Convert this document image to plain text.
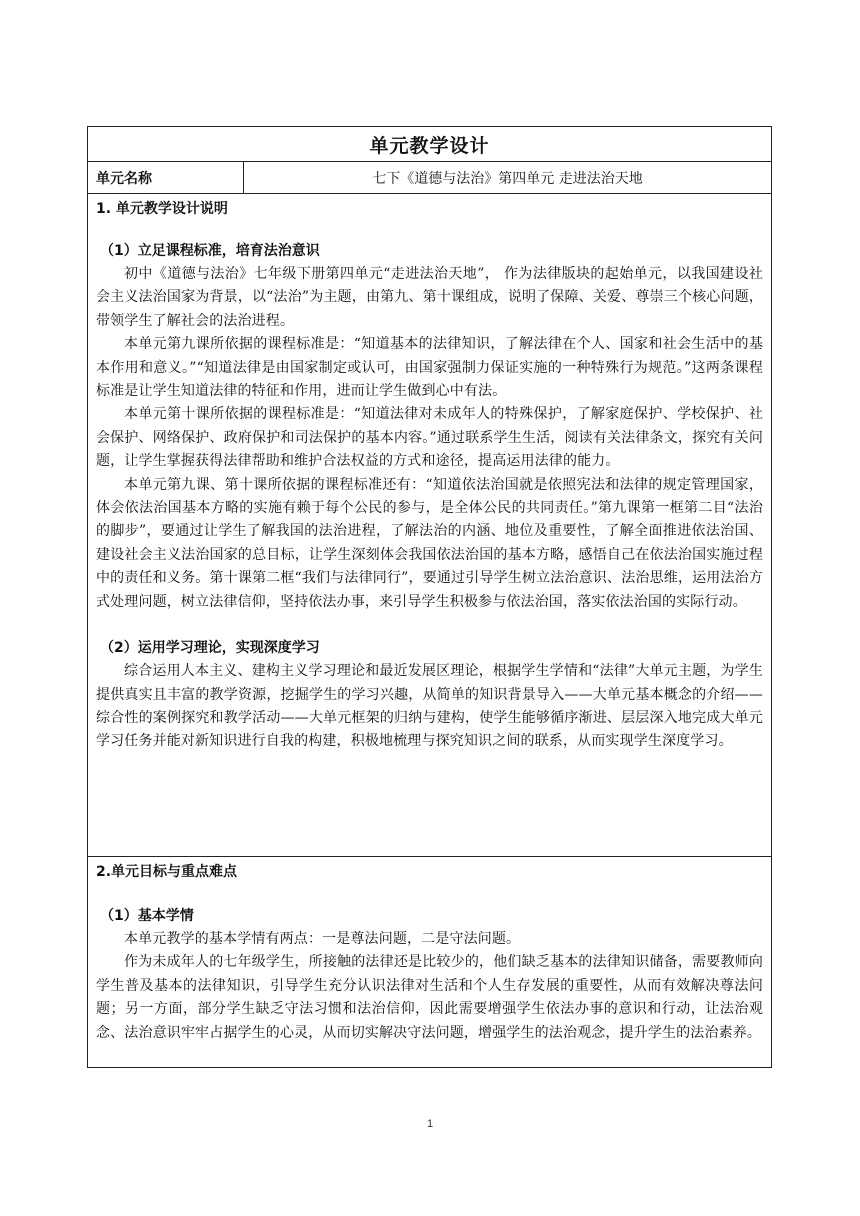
单元教学设计
单元名称	七下《道德与法治》第四单元 走进法治天地

1. 单元教学设计说明

（1）立足课程标准，培育法治意识

初中《道德与法治》七年级下册第四单元“走进法治天地”， 作为法律版块的起始单元，以我国建设社会主义法治国家为背景，以“法治”为主题，由第九、第十课组成，说明了保障、关爱、尊崇三个核心问题，带领学生了解社会的法治进程。

本单元第九课所依据的课程标准是：“知道基本的法律知识，了解法律在个人、国家和社会生活中的基本作用和意义。”“知道法律是由国家制定或认可，由国家强制力保证实施的一种特殊行为规范。”这两条课程标准是让学生知道法律的特征和作用，进而让学生做到心中有法。

本单元第十课所依据的课程标准是：“知道法律对未成年人的特殊保护，了解家庭保护、学校保护、社会保护、网络保护、政府保护和司法保护的基本内容。”通过联系学生生活，阅读有关法律条文，探究有关问题，让学生掌握获得法律帮助和维护合法权益的方式和途径，提高运用法律的能力。

本单元第九课、第十课所依据的课程标准还有：“知道依法治国就是依照宪法和法律的规定管理国家，体会依法治国基本方略的实施有赖于每个公民的参与，是全体公民的共同责任。”第九课第一框第二目“法治的脚步”，要通过让学生了解我国的法治进程，了解法治的内涵、地位及重要性，了解全面推进依法治国、建设社会主义法治国家的总目标，让学生深刻体会我国依法治国的基本方略，感悟自己在依法治国实施过程中的责任和义务。第十课第二框“我们与法律同行”，要通过引导学生树立法治意识、法治思维，运用法治方式处理问题，树立法律信仰，坚持依法办事，来引导学生积极参与依法治国，落实依法治国的实际行动。

（2）运用学习理论，实现深度学习

综合运用人本主义、建构主义学习理论和最近发展区理论，根据学生学情和“法律”大单元主题，为学生提供真实且丰富的教学资源，挖掘学生的学习兴趣，从简单的知识背景导入——大单元基本概念的介绍——综合性的案例探究和教学活动——大单元框架的归纳与建构，使学生能够循序渐进、层层深入地完成大单元学习任务并能对新知识进行自我的构建，积极地梳理与探究知识之间的联系，从而实现学生深度学习。

2.单元目标与重点难点

（1）基本学情

本单元教学的基本学情有两点：一是尊法问题，二是守法问题。

作为未成年人的七年级学生，所接触的法律还是比较少的，他们缺乏基本的法律知识储备，需要教师向学生普及基本的法律知识，引导学生充分认识法律对生活和个人生存发展的重要性，从而有效解决尊法问题；另一方面，部分学生缺乏守法习惯和法治信仰，因此需要增强学生依法办事的意识和行动，让法治观念、法治意识牢牢占据学生的心灵，从而切实解决守法问题，增强学生的法治观念，提升学生的法治素养。

1
